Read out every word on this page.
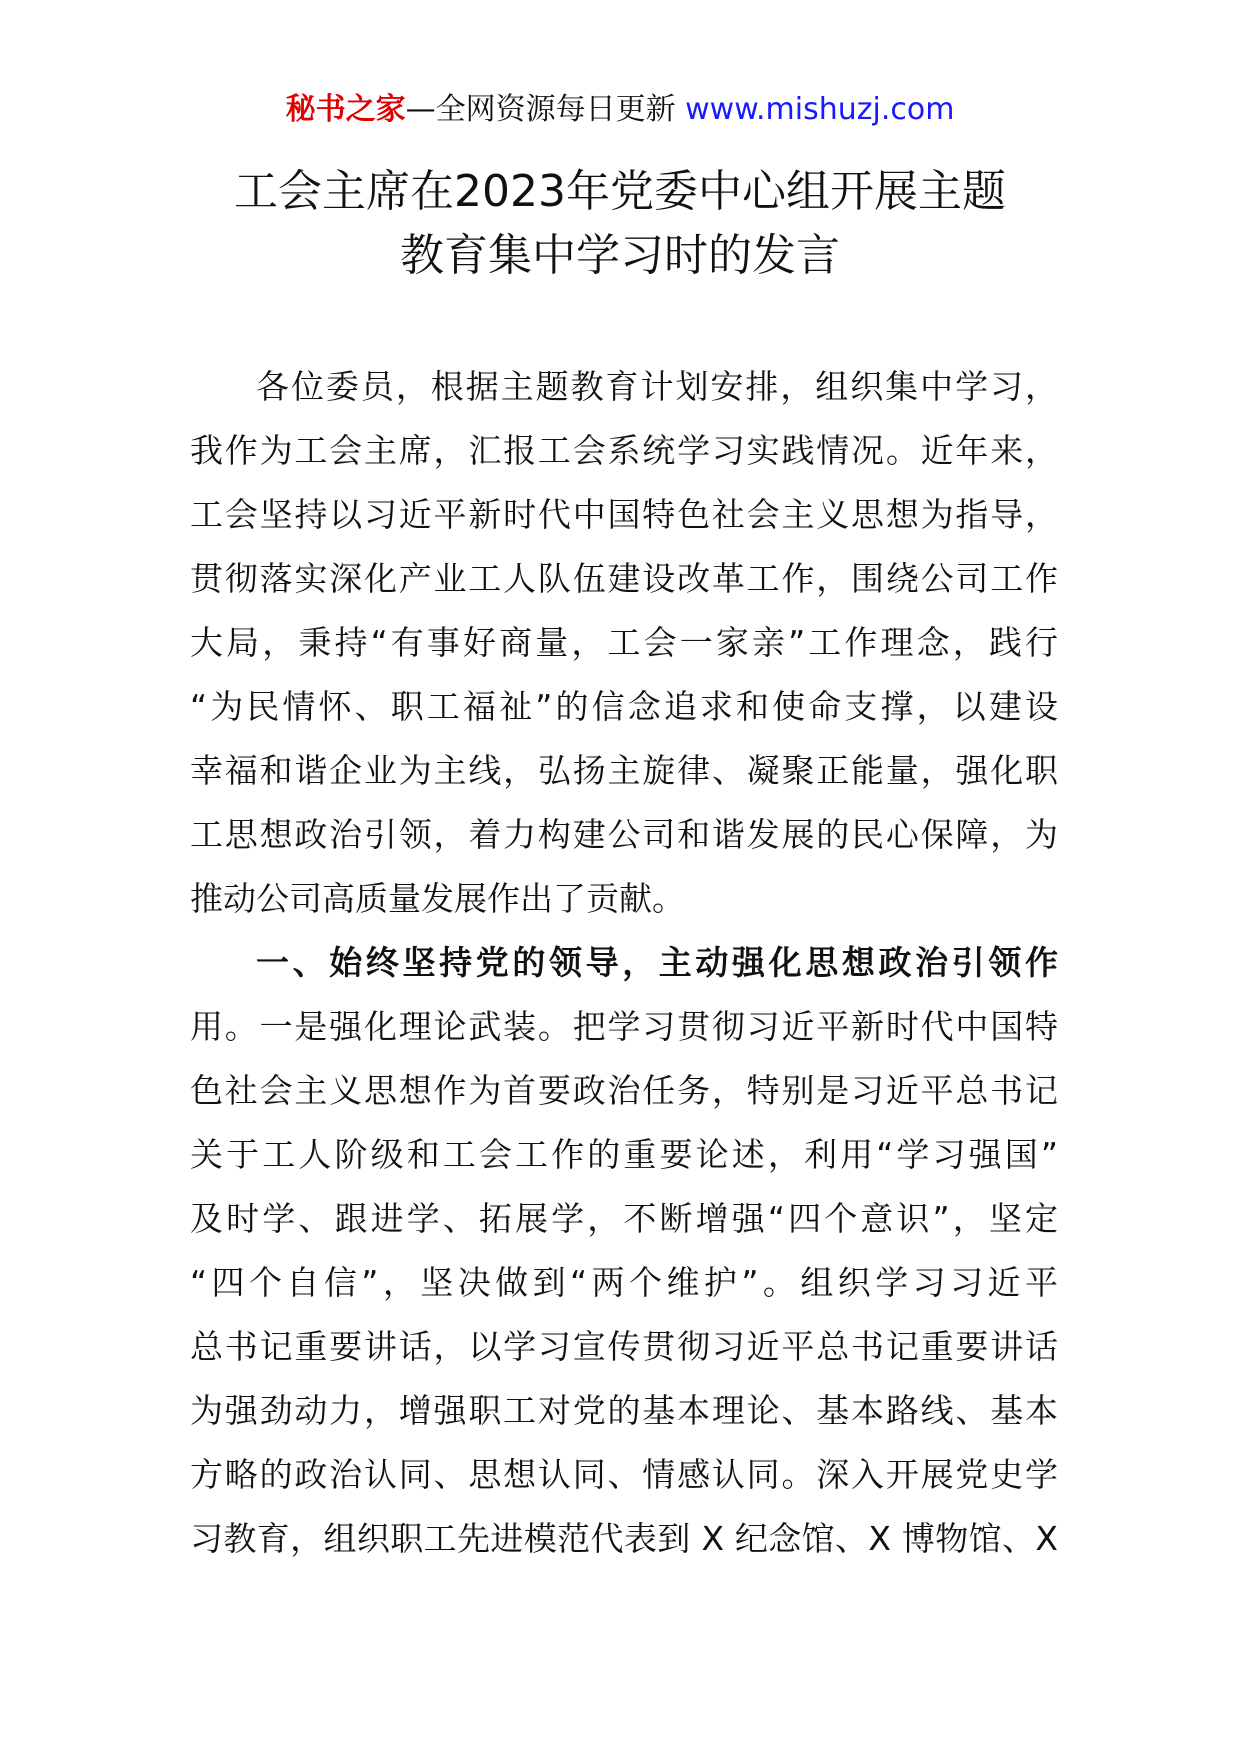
秘书之家—全网资源每日更新 www.mishuzj.com
工会主席在2023年党委中心组开展主题
教育集中学习时的发言
各位委员，根据主题教育计划安排，组织集中学习，
我作为工会主席，汇报工会系统学习实践情况。近年来，
工会坚持以习近平新时代中国特色社会主义思想为指导，
贯彻落实深化产业工人队伍建设改革工作，围绕公司工作
大局，秉持“有事好商量，工会一家亲”工作理念，践行
“为民情怀、职工福祉”的信念追求和使命支撑，以建设
幸福和谐企业为主线，弘扬主旋律、凝聚正能量，强化职
工思想政治引领，着力构建公司和谐发展的民心保障，为
推动公司高质量发展作出了贡献。
一、始终坚持党的领导，主动强化思想政治引领作
用。一是强化理论武装。把学习贯彻习近平新时代中国特
色社会主义思想作为首要政治任务，特别是习近平总书记
关于工人阶级和工会工作的重要论述，利用“学习强国”
及时学、跟进学、拓展学，不断增强“四个意识”，坚定
“四个自信”，坚决做到“两个维护”。组织学习习近平
总书记重要讲话，以学习宣传贯彻习近平总书记重要讲话
为强劲动力，增强职工对党的基本理论、基本路线、基本
方略的政治认同、思想认同、情感认同。深入开展党史学
习教育，组织职工先进模范代表到 X 纪念馆、X 博物馆、X
